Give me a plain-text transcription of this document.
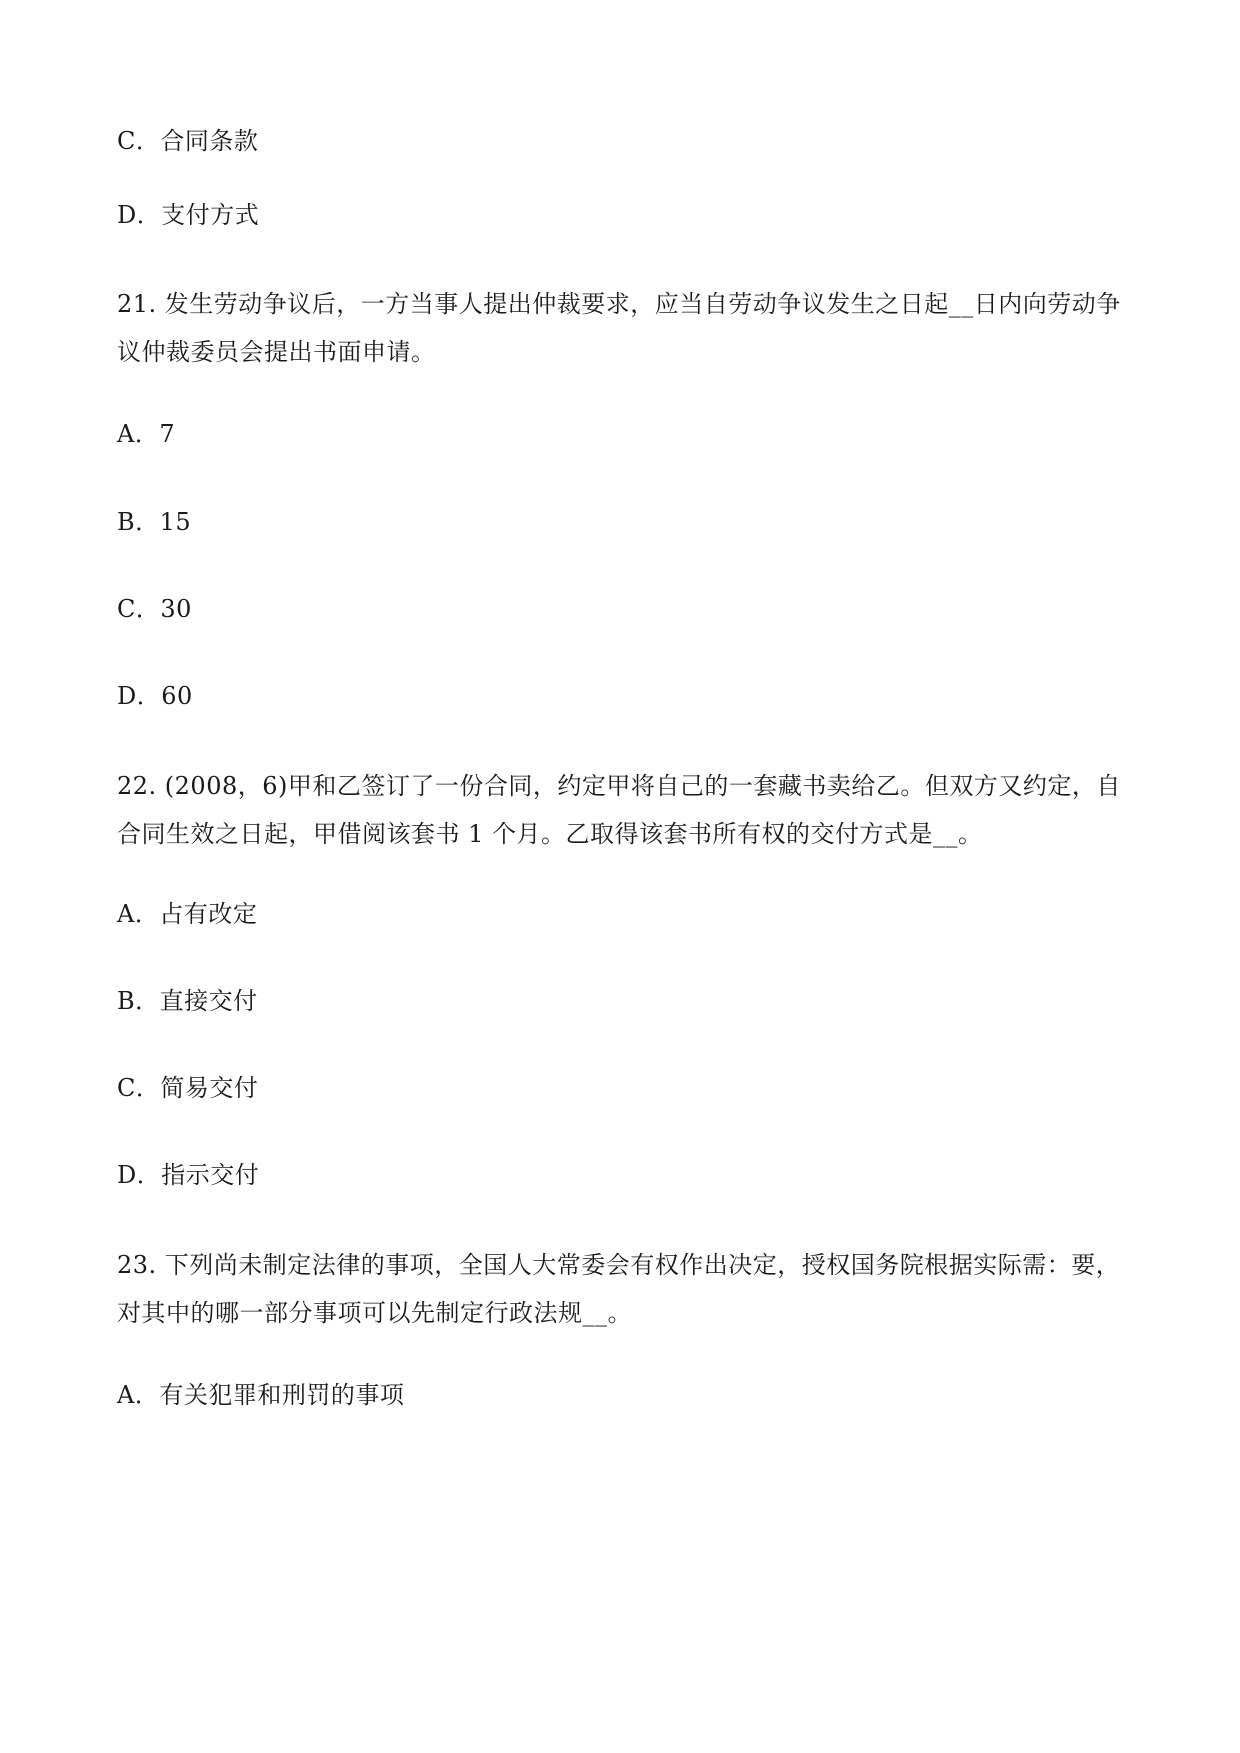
C．合同条款
D．支付方式
21. 发生劳动争议后，一方当事人提出仲裁要求，应当自劳动争议发生之日起__日内向劳动争议仲裁委员会提出书面申请。
A．7
B．15
C．30
D．60
22. (2008，6)甲和乙签订了一份合同，约定甲将自己的一套藏书卖给乙。但双方又约定，自合同生效之日起，甲借阅该套书 1 个月。乙取得该套书所有权的交付方式是__。
A．占有改定
B．直接交付
C．简易交付
D．指示交付
23. 下列尚未制定法律的事项，全国人大常委会有权作出决定，授权国务院根据实际需：要，对其中的哪一部分事项可以先制定行政法规__。
A．有关犯罪和刑罚的事项
